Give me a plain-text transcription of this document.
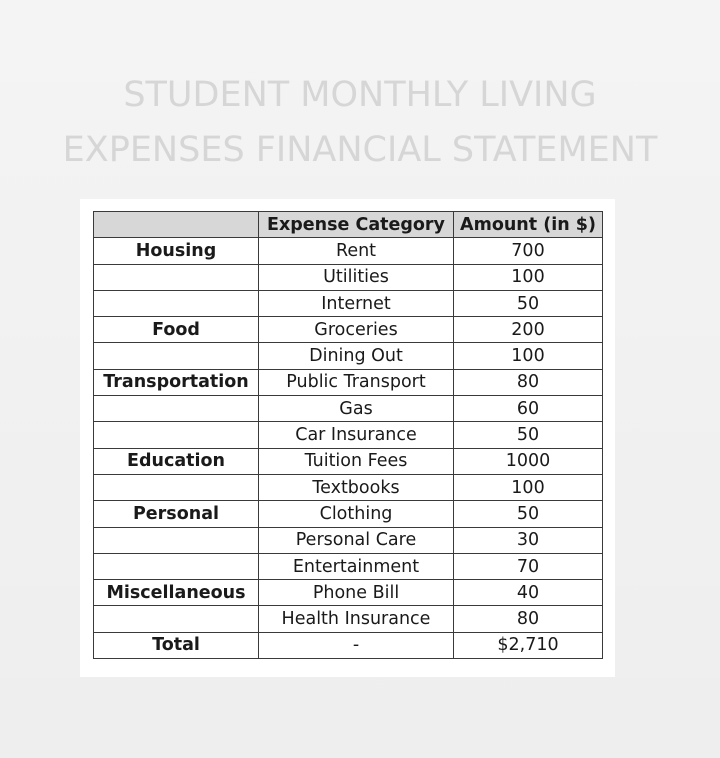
STUDENT MONTHLY LIVING
EXPENSES FINANCIAL STATEMENT
	Expense Category	Amount (in $)
Housing	Rent	700
	Utilities	100
	Internet	50
Food	Groceries	200
	Dining Out	100
Transportation	Public Transport	80
	Gas	60
	Car Insurance	50
Education	Tuition Fees	1000
	Textbooks	100
Personal	Clothing	50
	Personal Care	30
	Entertainment	70
Miscellaneous	Phone Bill	40
	Health Insurance	80
Total	-	$2,710
